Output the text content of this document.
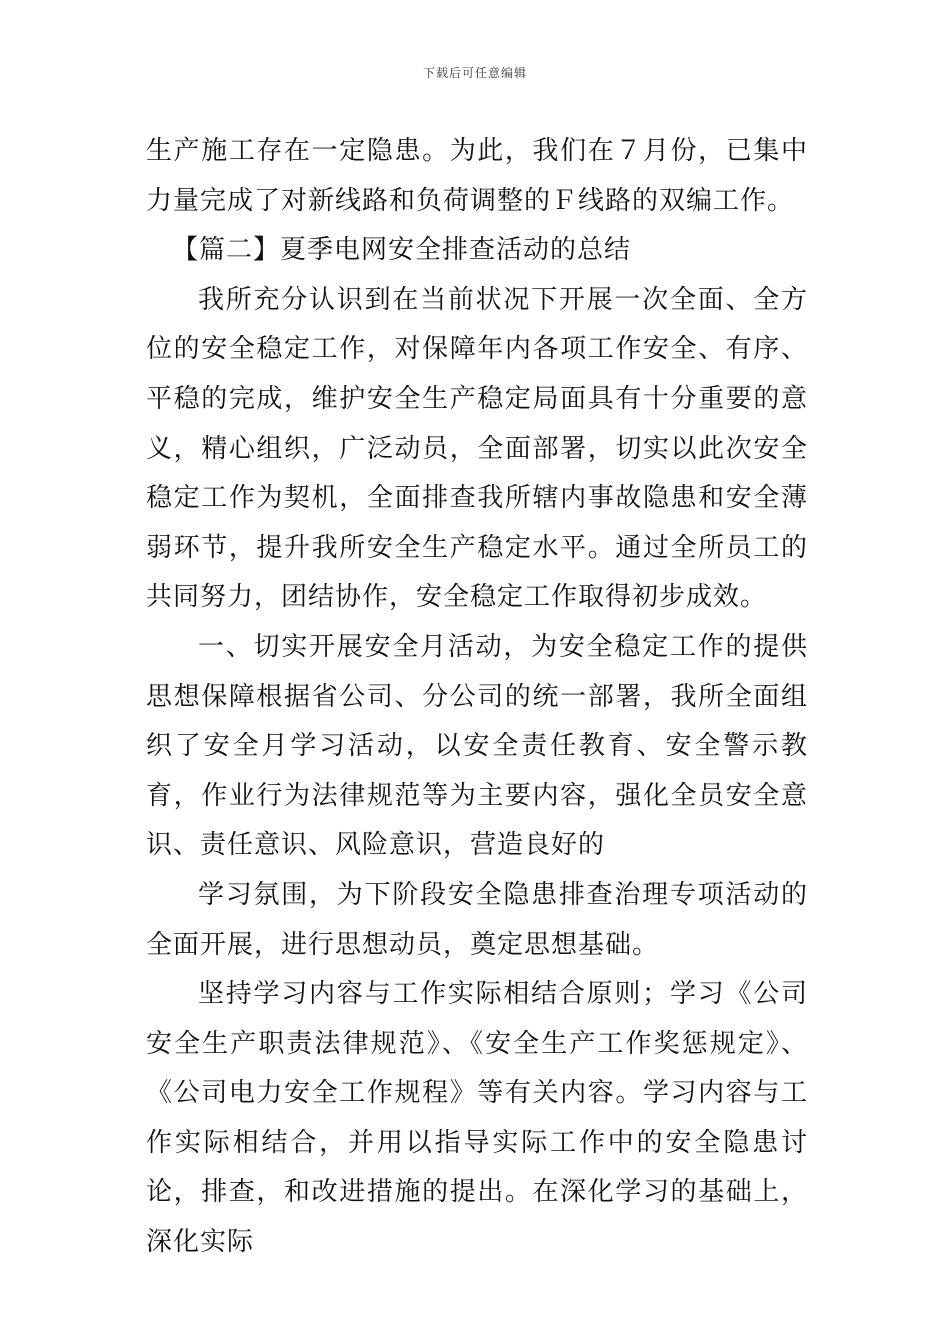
下载后可任意编辑

生产施工存在一定隐患。为此，我们在７月份，已集中力量完成了对新线路和负荷调整的Ｆ线路的双编工作。

【篇二】夏季电网安全排查活动的总结

我所充分认识到在当前状况下开展一次全面、全方位的安全稳定工作，对保障年内各项工作安全、有序、平稳的完成，维护安全生产稳定局面具有十分重要的意义，精心组织，广泛动员，全面部署，切实以此次安全稳定工作为契机，全面排查我所辖内事故隐患和安全薄弱环节，提升我所安全生产稳定水平。通过全所员工的共同努力，团结协作，安全稳定工作取得初步成效。

一、切实开展安全月活动，为安全稳定工作的提供思想保障根据省公司、分公司的统一部署，我所全面组织了安全月学习活动，以安全责任教育、安全警示教育，作业行为法律规范等为主要内容，强化全员安全意识、责任意识、风险意识，营造良好的

学习氛围，为下阶段安全隐患排查治理专项活动的全面开展，进行思想动员，奠定思想基础。

坚持学习内容与工作实际相结合原则；学习《公司安全生产职责法律规范》、《安全生产工作奖惩规定》、《公司电力安全工作规程》等有关内容。学习内容与工作实际相结合，并用以指导实际工作中的安全隐患讨论，排查，和改进措施的提出。在深化学习的基础上，深化实际
